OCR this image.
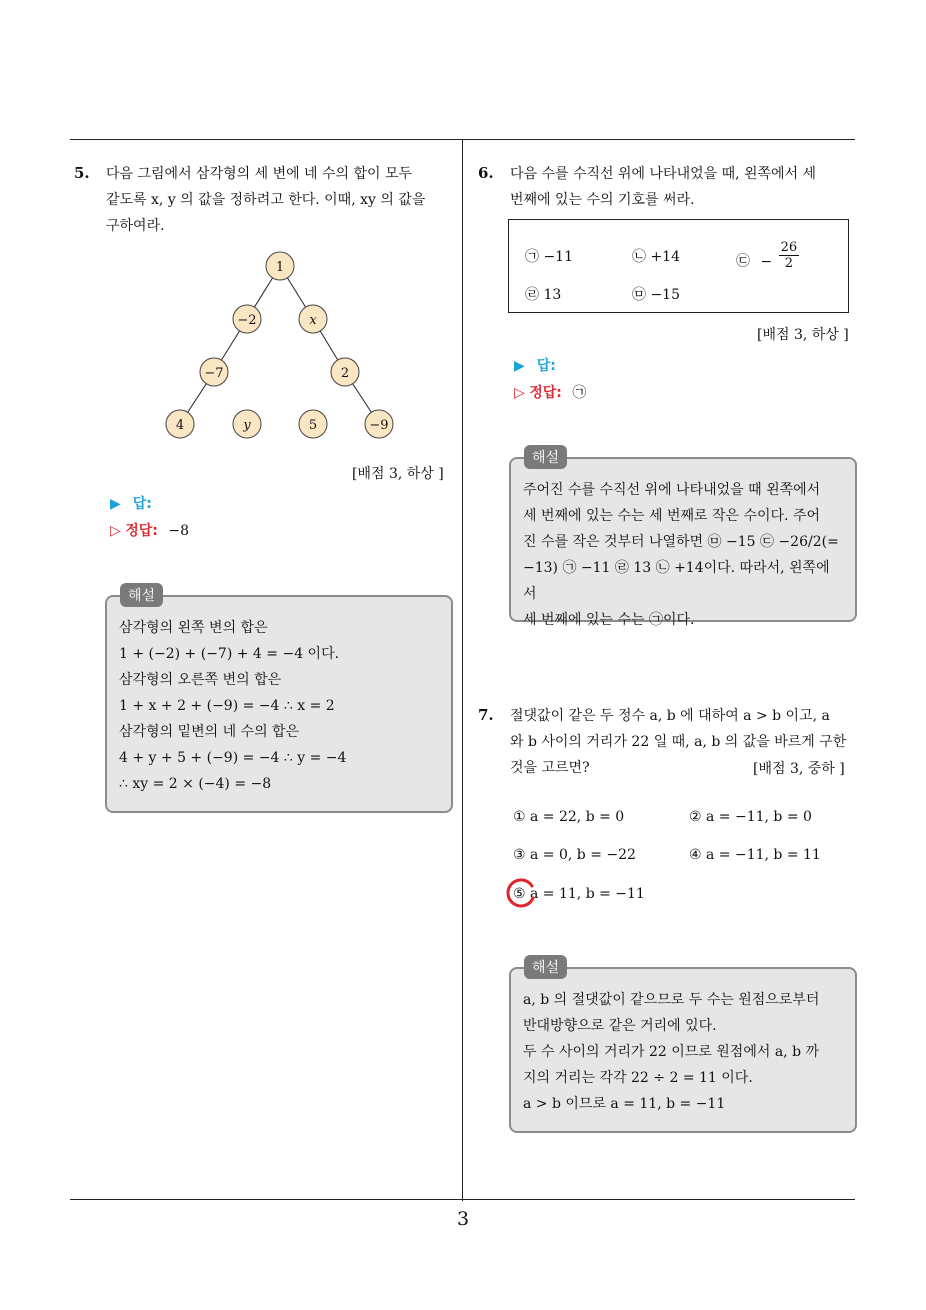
5. 다음 그림에서 삼각형의 세 변에 네 수의 합이 모두
같도록 x, y 의 값을 정하려고 한다. 이때, xy 의 값을
구하여라.
1
−2	x
−7	2
4	y	5	−9
[배점 3, 하상 ]
▶ 답:
▷ 정답: −8
삼각형의 왼쪽 변의 합은
1 + (−2) + (−7) + 4 = −4 이다.
삼각형의 오른쪽 변의 합은
1 + x + 2 + (−9) = −4 ∴ x = 2
삼각형의 밑변의 네 수의 합은
4 + y + 5 + (−9) = −4 ∴ y = −4
∴ xy = 2 × (−4) = −8
해설
6. 다음 수를 수직선 위에 나타내었을 때, 왼쪽에서 세
번째에 있는 수의 기호를 써라.
㉠ −11	㉡ +14	㉢ − $\frac{26}{2}$
㉣ 13	㉤ −15
[배점 3, 하상 ]
▶ 답:
▷ 정답: ㉠
주어진 수를 수직선 위에 나타내었을 때 왼쪽에서
세 번째에 있는 수는 세 번째로 작은 수이다. 주어
진 수를 작은 것부터 나열하면 ㉤ −15 ㉢ −26/2(=
−13) ㉠ −11 ㉣ 13 ㉡ +14이다. 따라서, 왼쪽에서
세 번째에 있는 수는 ㉠이다.
해설
7. 절댓값이 같은 두 정수 a, b 에 대하여 a > b 이고, a
와 b 사이의 거리가 22 일 때, a, b 의 값을 바르게 구한
것을 고르면?	[배점 3, 중하 ]
① a = 22, b = 0	② a = −11, b = 0
③ a = 0, b = −22	④ a = −11, b = 11
⑤ a = 11, b = −11
a, b 의 절댓값이 같으므로 두 수는 원점으로부터
반대방향으로 같은 거리에 있다.
두 수 사이의 거리가 22 이므로 원점에서 a, b 까
지의 거리는 각각 22 ÷ 2 = 11 이다.
a > b 이므로 a = 11, b = −11
해설
3
